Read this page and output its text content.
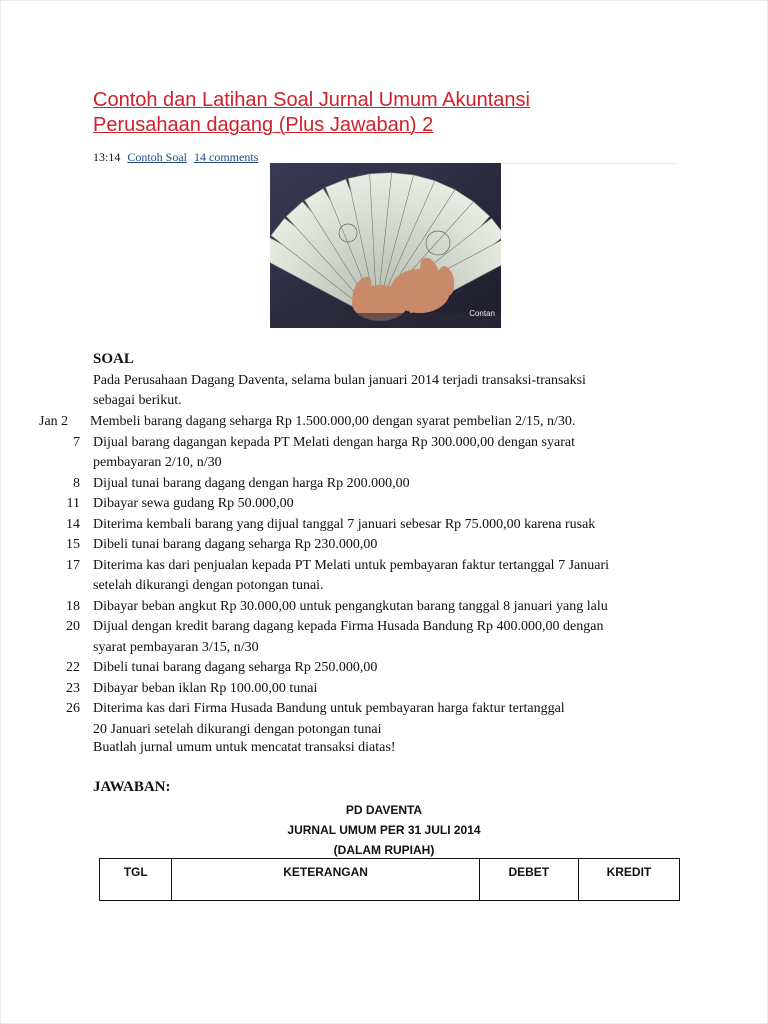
Contoh dan Latihan Soal Jurnal Umum Akuntansi
Perusahaan dagang (Plus Jawaban) 2
13:14 Contoh Soal 14 comments
Contan
SOAL
Pada Perusahaan Dagang Daventa, selama bulan januari 2014 terjadi transaksi-transaksi
sebagai berikut.
Jan 2 Membeli barang dagang seharga Rp 1.500.000,00 dengan syarat pembelian 2/15, n/30.
7 Dijual barang dagangan kepada PT Melati dengan harga Rp 300.000,00 dengan syarat
pembayaran 2/10, n/30
8 Dijual tunai barang dagang dengan harga Rp 200.000,00
11 Dibayar sewa gudang Rp 50.000,00
14 Diterima kembali barang yang dijual tanggal 7 januari sebesar Rp 75.000,00 karena rusak
15 Dibeli tunai barang dagang seharga Rp 230.000,00
17 Diterima kas dari penjualan kepada PT Melati untuk pembayaran faktur tertanggal 7 Januari
setelah dikurangi dengan potongan tunai.
18 Dibayar beban angkut Rp 30.000,00 untuk pengangkutan barang tanggal 8 januari yang lalu
20 Dijual dengan kredit barang dagang kepada Firma Husada Bandung Rp 400.000,00 dengan
syarat pembayaran 3/15, n/30
22 Dibeli tunai barang dagang seharga Rp 250.000,00
23 Dibayar beban iklan Rp 100.00,00 tunai
26 Diterima kas dari Firma Husada Bandung untuk pembayaran harga faktur tertanggal
20 Januari setelah dikurangi dengan potongan tunai
Buatlah jurnal umum untuk mencatat transaksi diatas!
JAWABAN:
PD DAVENTA
JURNAL UMUM PER 31 JULI 2014
(DALAM RUPIAH)
TGL	KETERANGAN	DEBET	KREDIT
